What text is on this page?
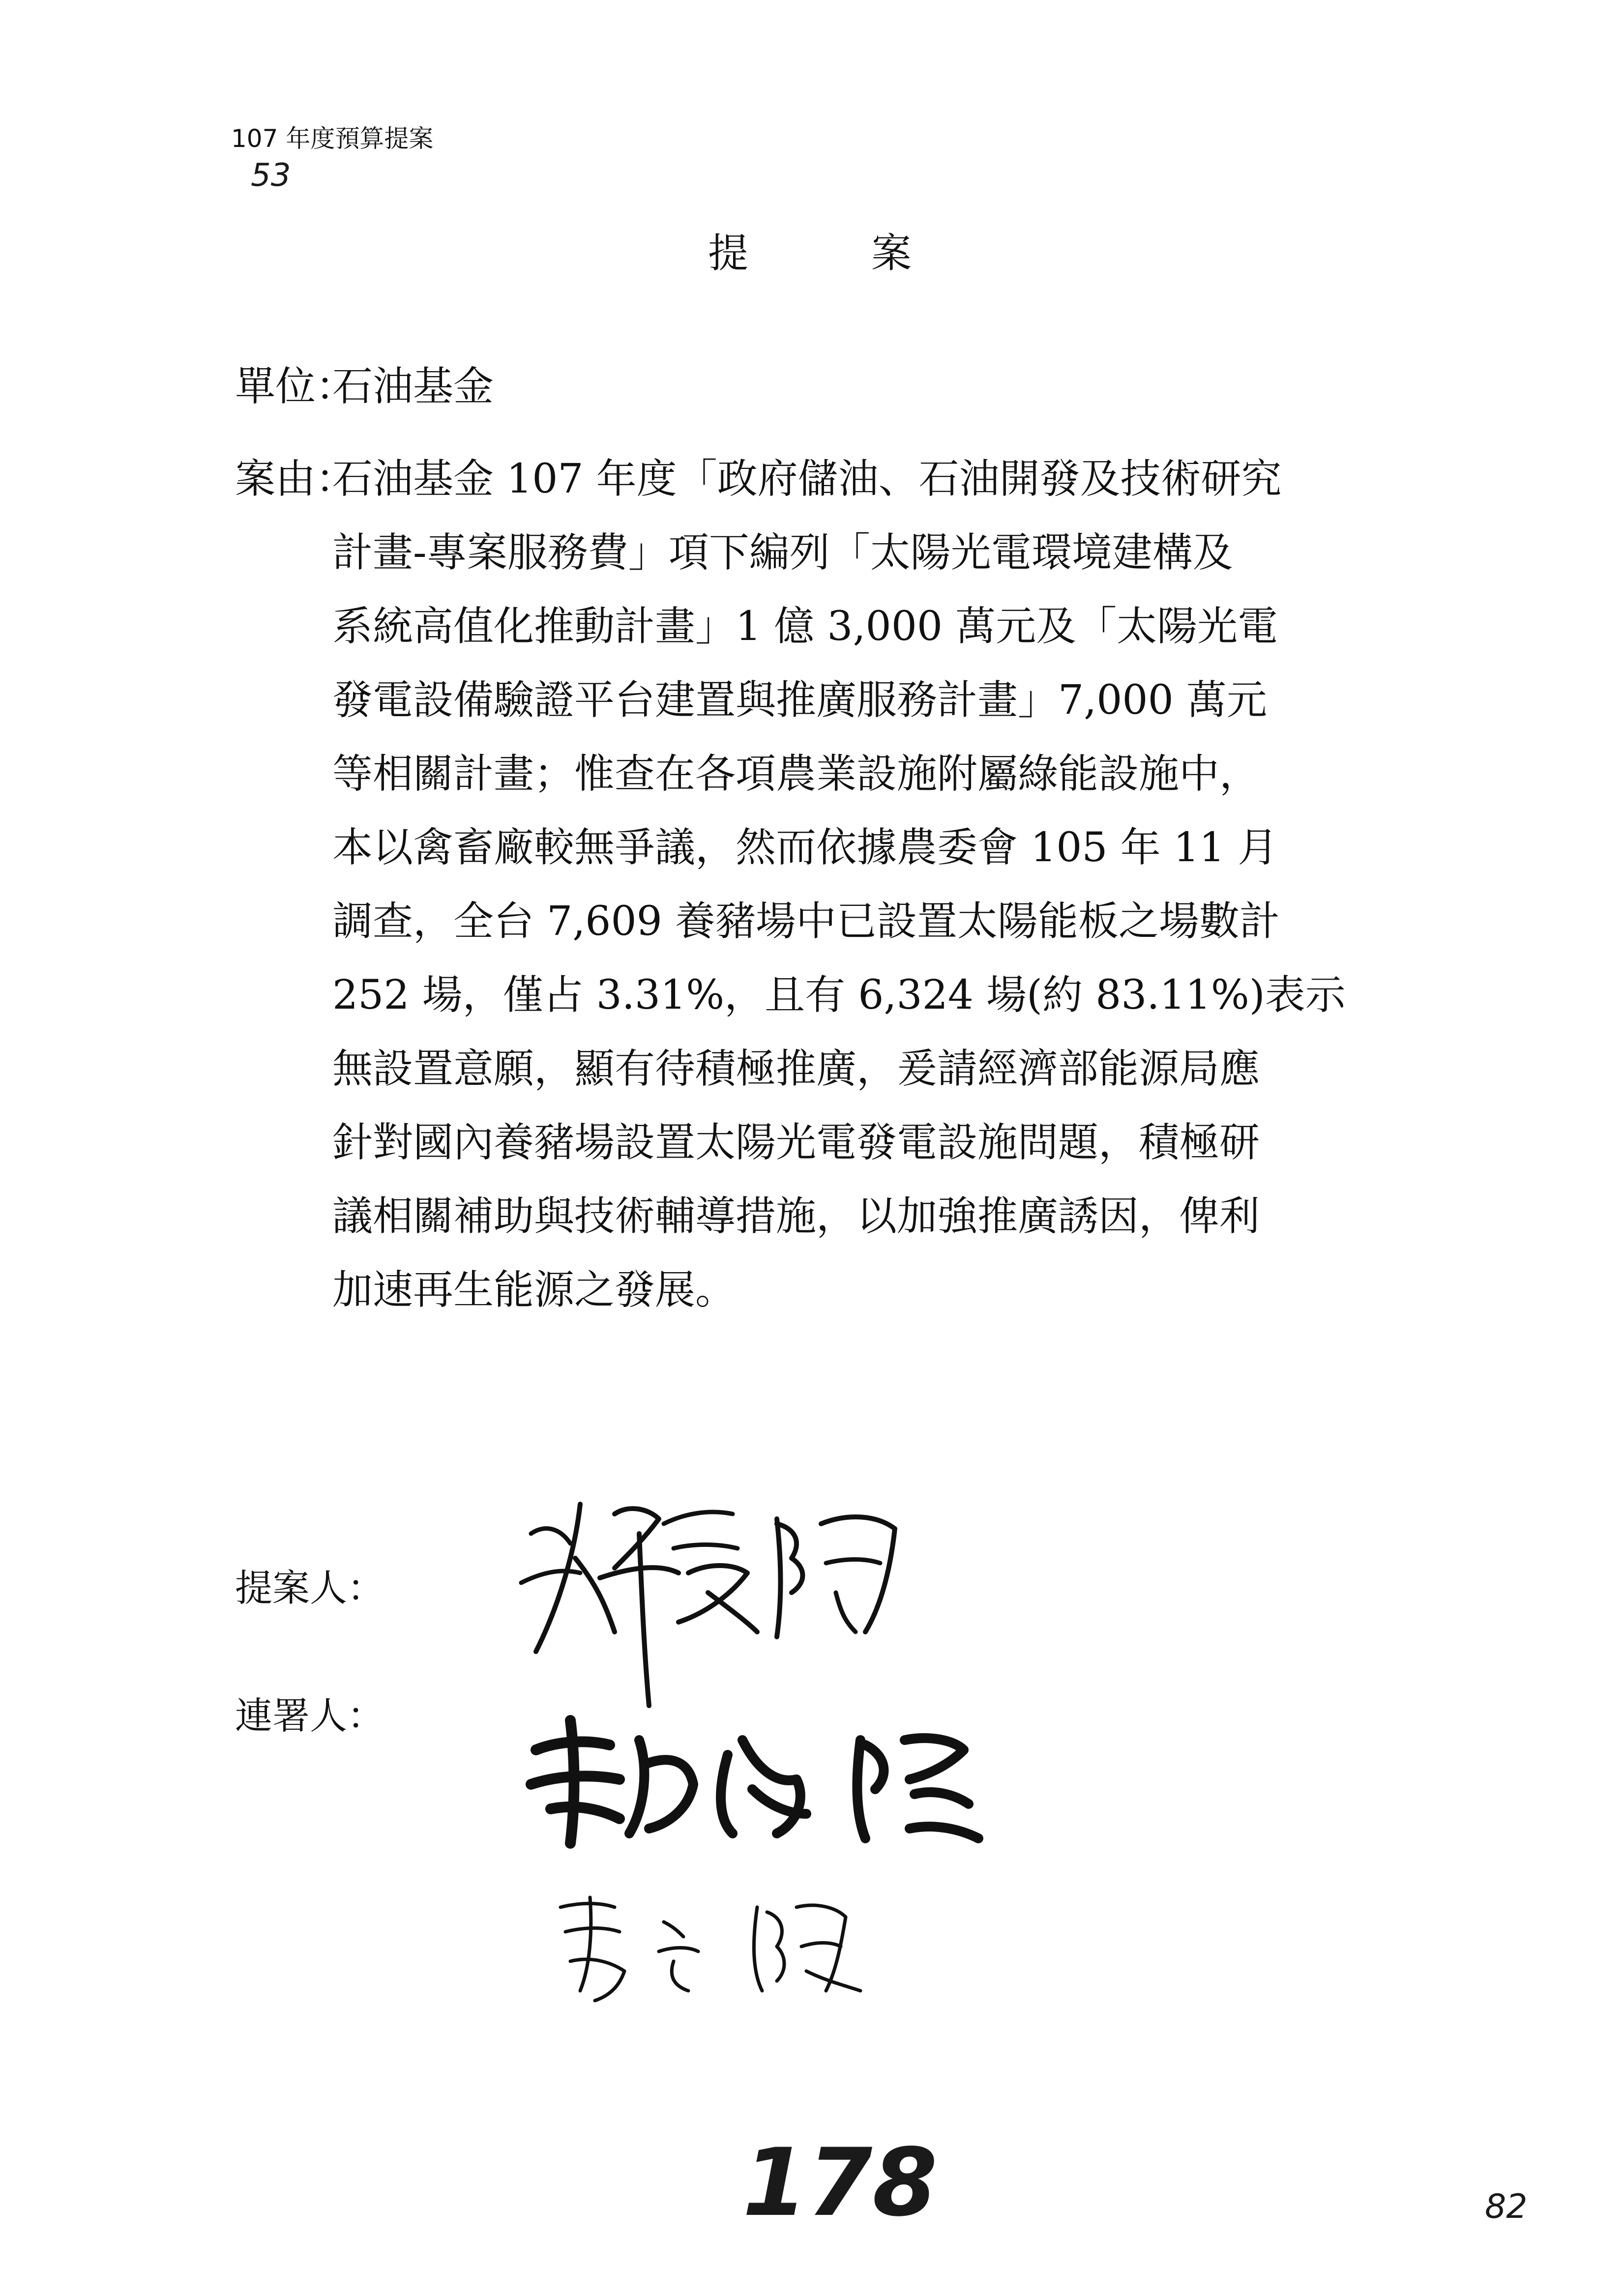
107 年度預算提案
53
提案
單位：
石油基金
案由：
石油基金 107 年度「政府儲油、石油開發及技術研究
計畫-專案服務費」項下編列「太陽光電環境建構及
系統高值化推動計畫」1 億 3,000 萬元及「太陽光電
發電設備驗證平台建置與推廣服務計畫」7,000 萬元
等相關計畫；惟查在各項農業設施附屬綠能設施中，
本以禽畜廠較無爭議，然而依據農委會 105 年 11 月
調查，全台 7,609 養豬場中已設置太陽能板之場數計
252 場，僅占 3.31%，且有 6,324 場(約 83.11%)表示
無設置意願，顯有待積極推廣，爰請經濟部能源局應
針對國內養豬場設置太陽光電發電設施問題，積極研
議相關補助與技術輔導措施，以加強推廣誘因，俾利
加速再生能源之發展。
提案人：
連署人：
178	82
